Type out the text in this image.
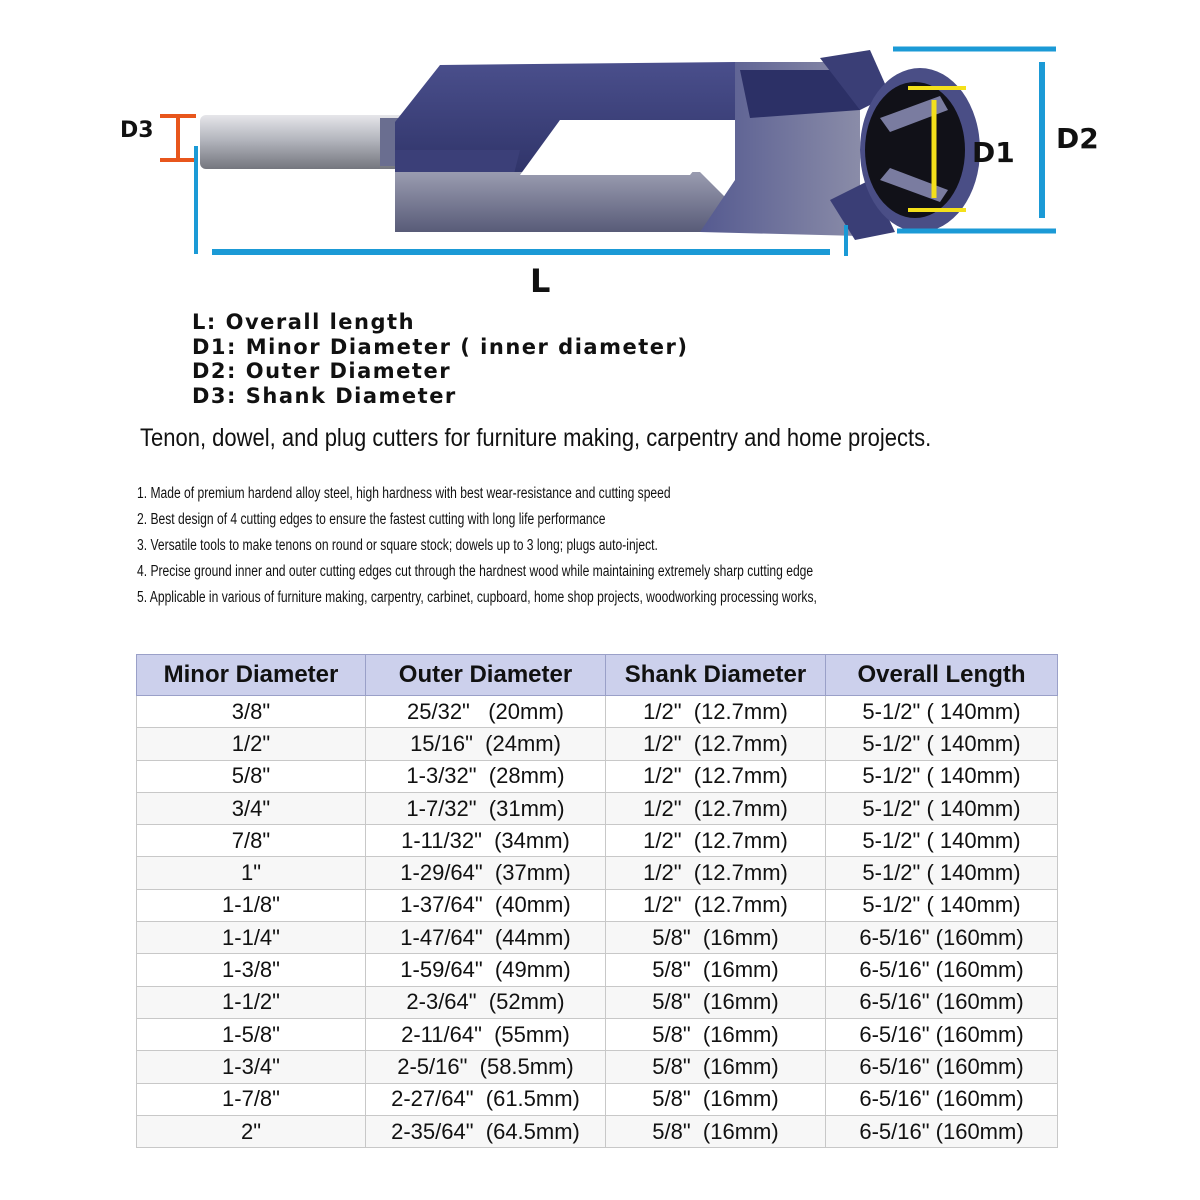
D3
L
D1 D2
L: Overall length
D1: Minor Diameter ( inner diameter)
D2: Outer Diameter
D3: Shank Diameter
Tenon, dowel, and plug cutters for furniture making, carpentry and home projects.
1. Made of premium hardend alloy steel, high hardness with best wear-resistance and cutting speed
2. Best design of 4 cutting edges to ensure the fastest cutting with long life performance
3. Versatile tools to make tenons on round or square stock; dowels up to 3 long; plugs auto-inject.
4. Precise ground inner and outer cutting edges cut through the hardnest wood while maintaining extremely sharp cutting edge
5. Applicable in various of furniture making, carpentry, carbinet, cupboard, home shop projects, woodworking processing works,
Minor Diameter	Outer Diameter	Shank Diameter	Overall Length
3/8"	25/32"   (20mm)	1/2"  (12.7mm)	5-1/2" ( 140mm)
1/2"	15/16"  (24mm)	1/2"  (12.7mm)	5-1/2" ( 140mm)
5/8"	1-3/32"  (28mm)	1/2"  (12.7mm)	5-1/2" ( 140mm)
3/4"	1-7/32"  (31mm)	1/2"  (12.7mm)	5-1/2" ( 140mm)
7/8"	1-11/32"  (34mm)	1/2"  (12.7mm)	5-1/2" ( 140mm)
1"	1-29/64"  (37mm)	1/2"  (12.7mm)	5-1/2" ( 140mm)
1-1/8"	1-37/64"  (40mm)	1/2"  (12.7mm)	5-1/2" ( 140mm)
1-1/4"	1-47/64"  (44mm)	5/8"  (16mm)	6-5/16" (160mm)
1-3/8"	1-59/64"  (49mm)	5/8"  (16mm)	6-5/16" (160mm)
1-1/2"	2-3/64"  (52mm)	5/8"  (16mm)	6-5/16" (160mm)
1-5/8"	2-11/64"  (55mm)	5/8"  (16mm)	6-5/16" (160mm)
1-3/4"	2-5/16"  (58.5mm)	5/8"  (16mm)	6-5/16" (160mm)
1-7/8"	2-27/64"  (61.5mm)	5/8"  (16mm)	6-5/16" (160mm)
2"	2-35/64"  (64.5mm)	5/8"  (16mm)	6-5/16" (160mm)
